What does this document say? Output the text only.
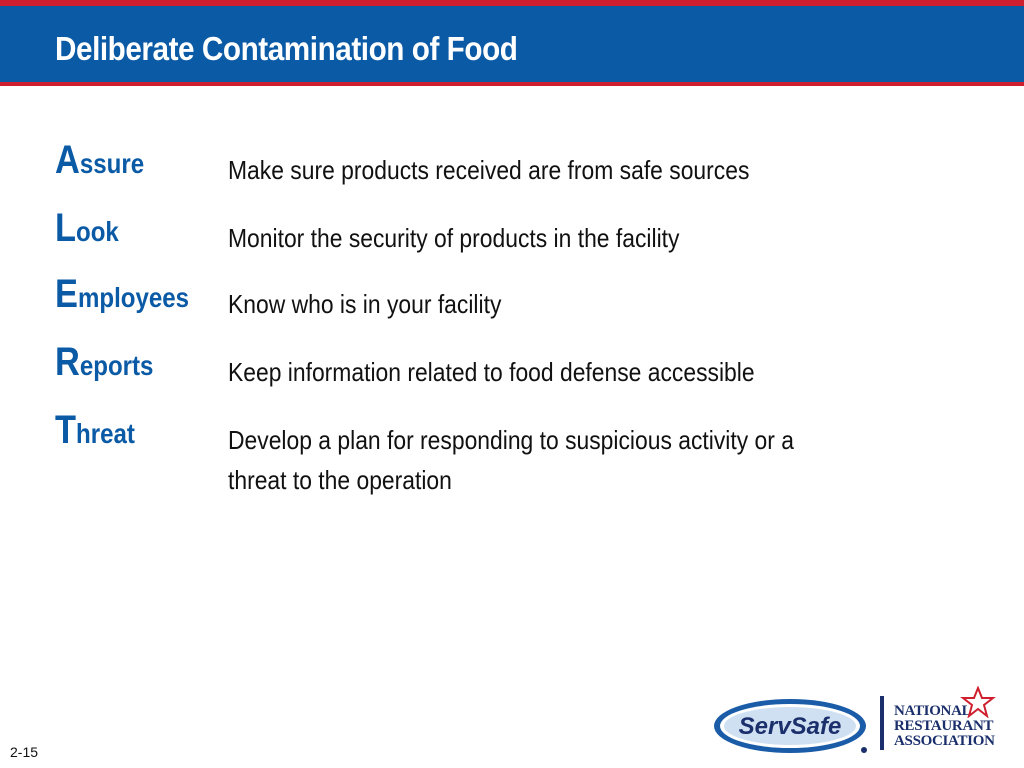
Deliberate Contamination of Food
Assure	Make sure products received are from safe sources
Look	Monitor the security of products in the facility
Employees Know who is in your facility
Reports	Keep information related to food defense accessible
Threat	Develop a plan for responding to suspicious activity or a threat to the operation
2-15
ServSafe
NATIONAL
RESTAURANT
ASSOCIATION
